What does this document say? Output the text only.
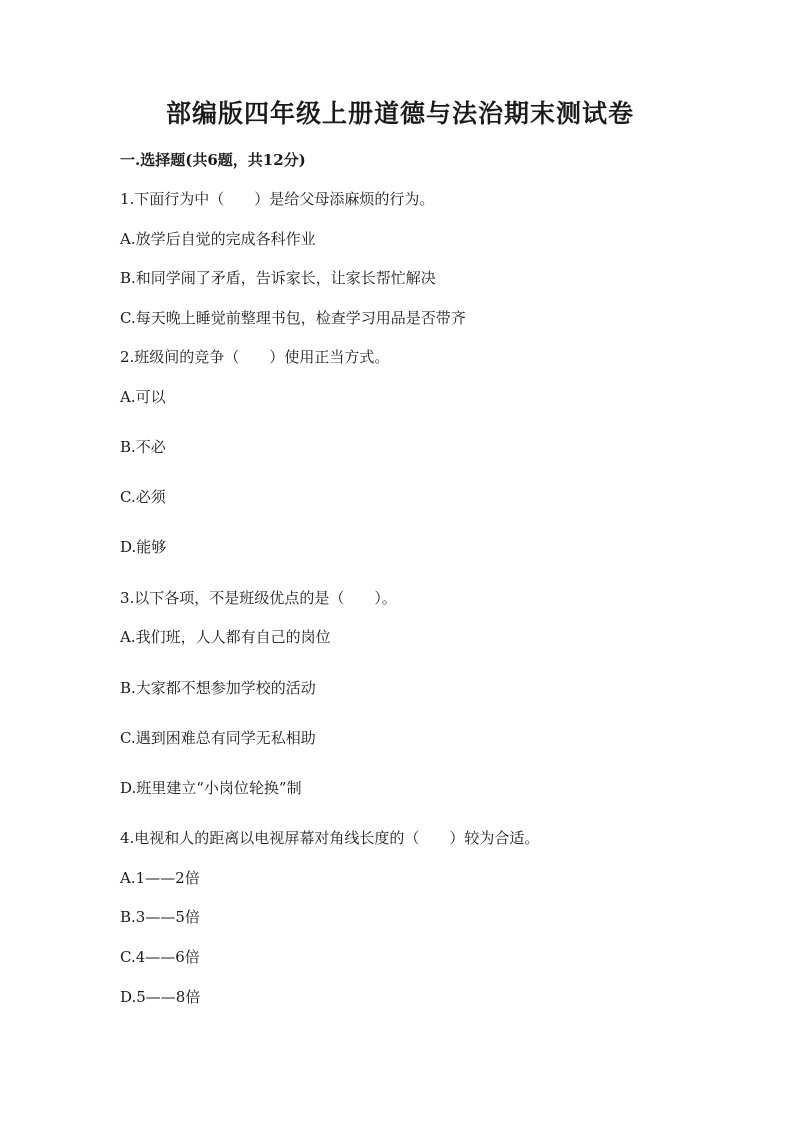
部编版四年级上册道德与法治期末测试卷

一.选择题(共6题，共12分)

1.下面行为中（　　）是给父母添麻烦的行为。

A.放学后自觉的完成各科作业

B.和同学闹了矛盾，告诉家长，让家长帮忙解决

C.每天晚上睡觉前整理书包，检查学习用品是否带齐

2.班级间的竞争（　　）使用正当方式。

A.可以

B.不必

C.必须

D.能够

3.以下各项，不是班级优点的是（　　）。

A.我们班，人人都有自己的岗位

B.大家都不想参加学校的活动

C.遇到困难总有同学无私相助

D.班里建立“小岗位轮换”制

4.电视和人的距离以电视屏幕对角线长度的（　　）较为合适。

A.1——2倍

B.3——5倍

C.4——6倍

D.5——8倍
